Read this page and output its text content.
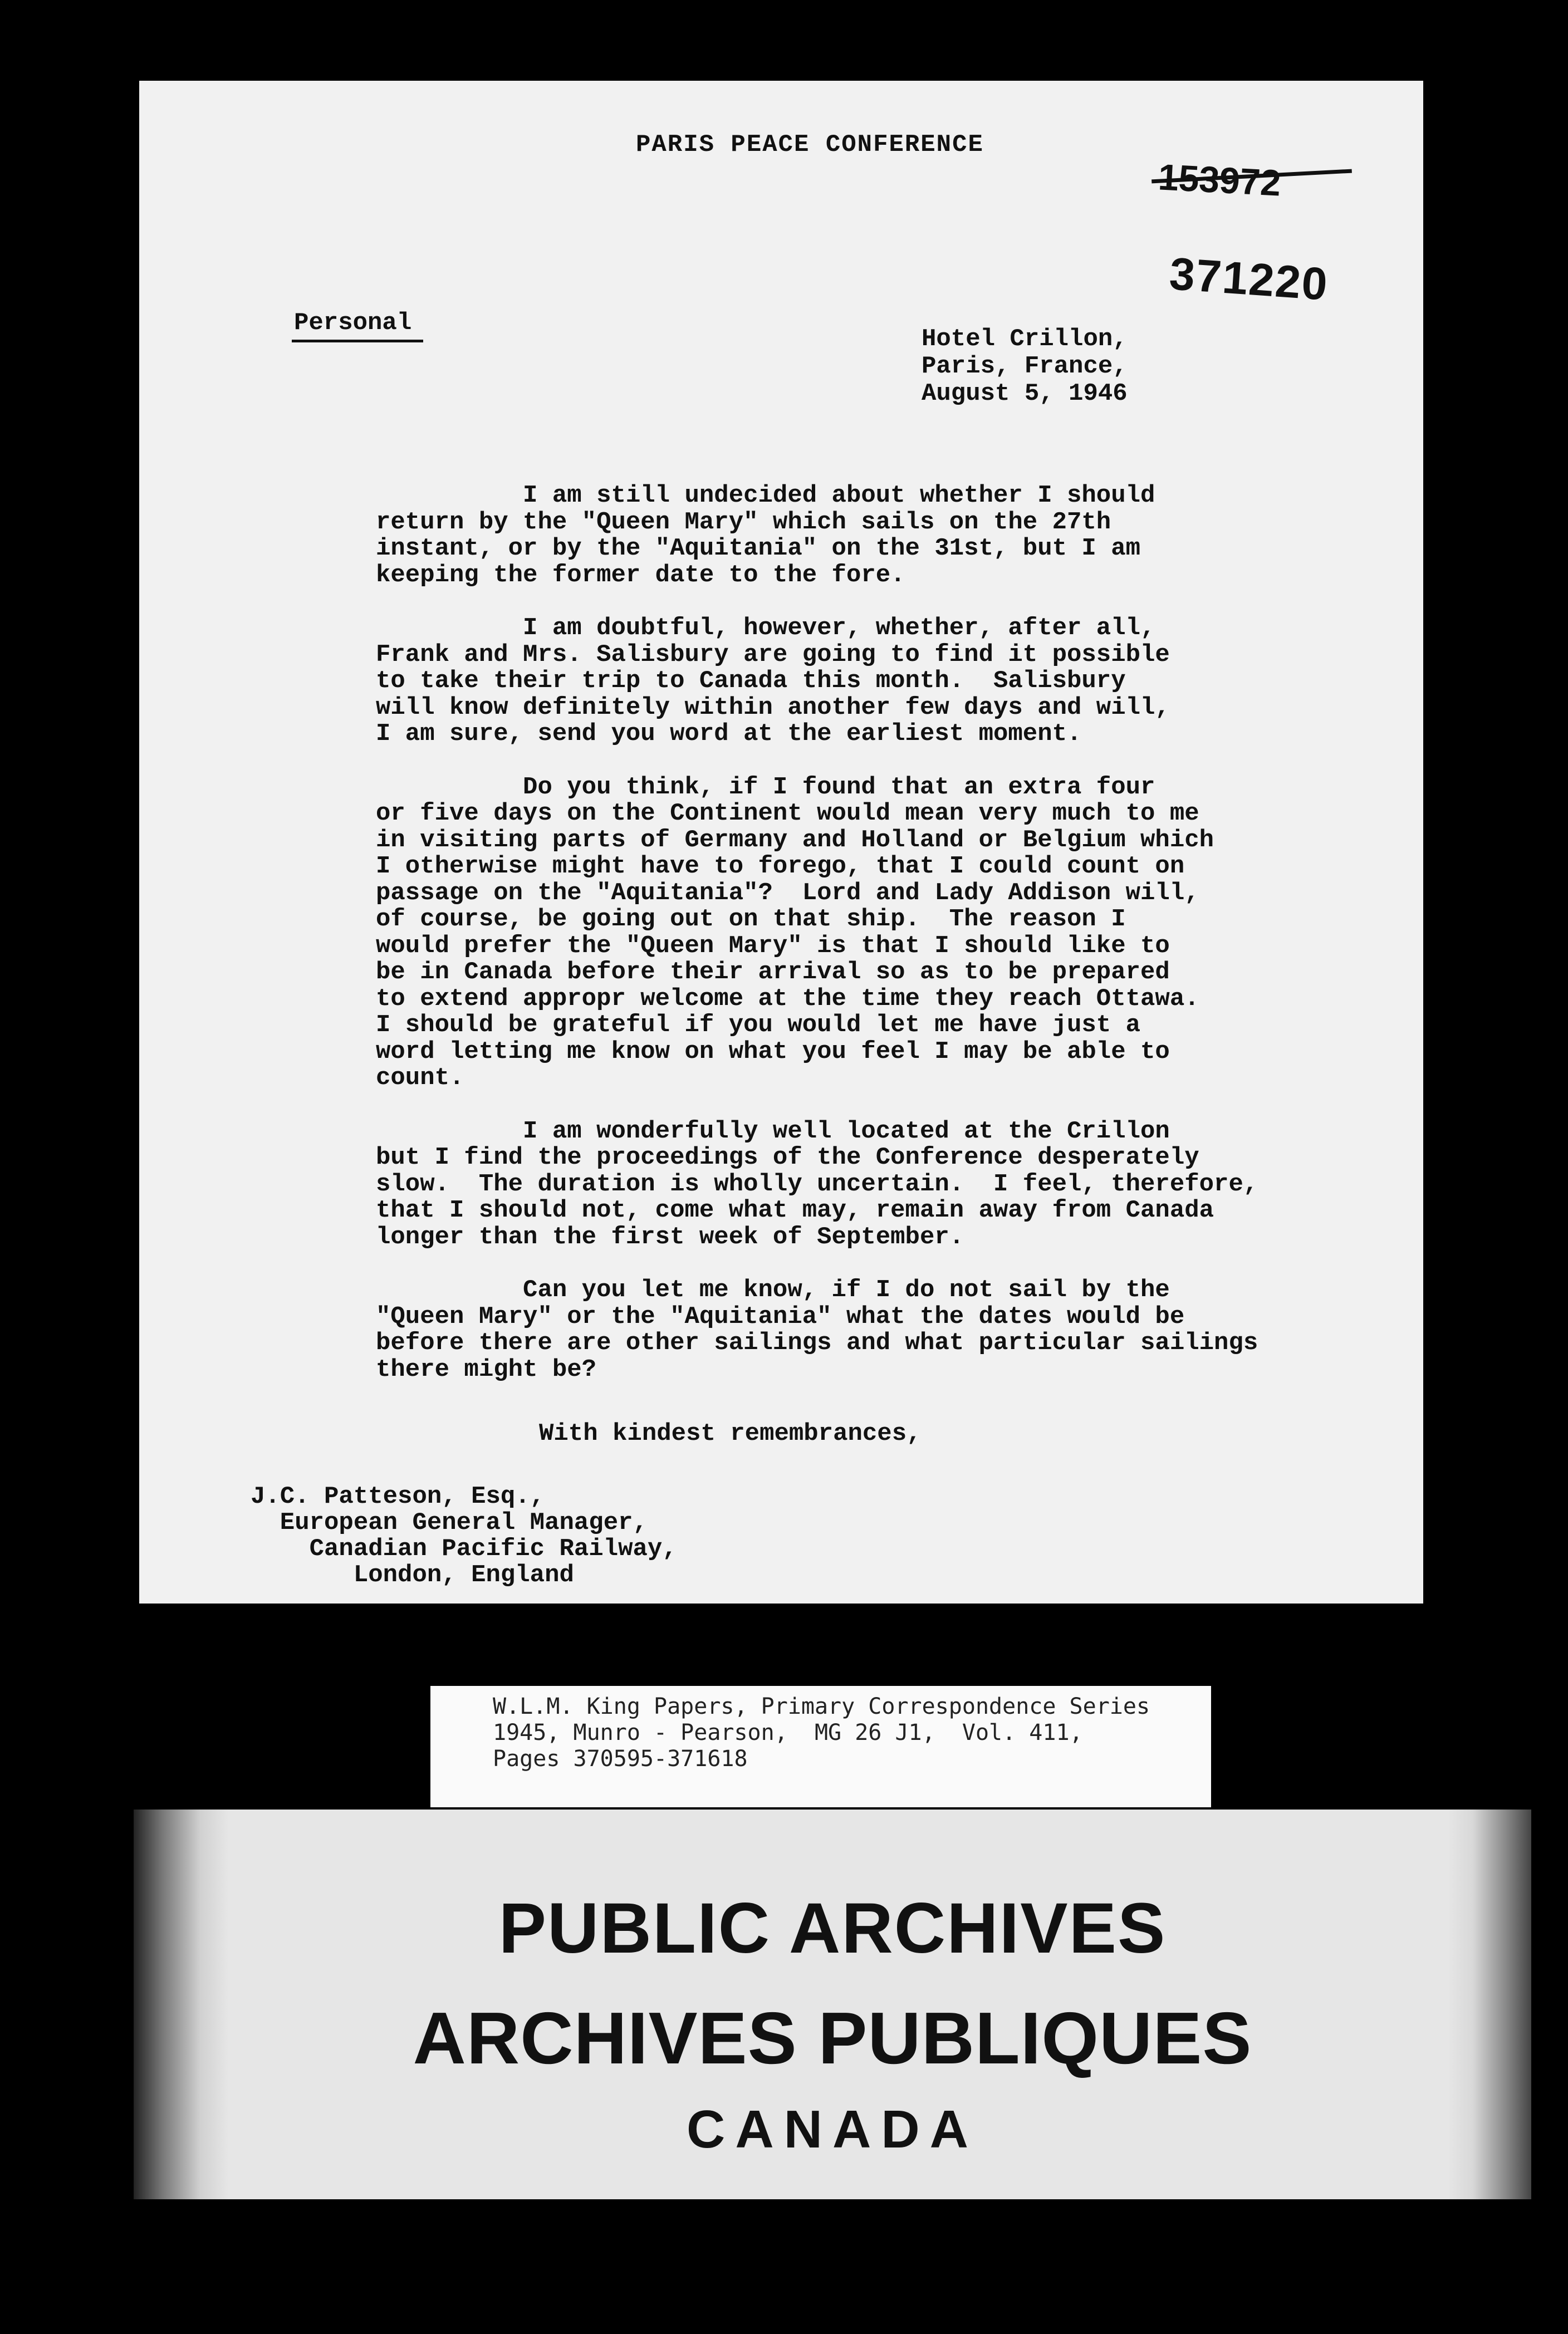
PARIS PEACE CONFERENCE
153972
371220
Personal
Hotel Crillon,
Paris, France,
August 5, 1946
I am still undecided about whether I should
return by the "Queen Mary" which sails on the 27th
instant, or by the "Aquitania" on the 31st, but I am
keeping the former date to the fore.
I am doubtful, however, whether, after all,
Frank and Mrs. Salisbury are going to find it possible
to take their trip to Canada this month.  Salisbury
will know definitely within another few days and will,
I am sure, send you word at the earliest moment.
Do you think, if I found that an extra four
or five days on the Continent would mean very much to me
in visiting parts of Germany and Holland or Belgium which
I otherwise might have to forego, that I could count on
passage on the "Aquitania"?  Lord and Lady Addison will,
of course, be going out on that ship.  The reason I
would prefer the "Queen Mary" is that I should like to
be in Canada before their arrival so as to be prepared
to extend appropr welcome at the time they reach Ottawa.
I should be grateful if you would let me have just a
word letting me know on what you feel I may be able to
count.
I am wonderfully well located at the Crillon
but I find the proceedings of the Conference desperately
slow.  The duration is wholly uncertain.  I feel, therefore,
that I should not, come what may, remain away from Canada
longer than the first week of September.
Can you let me know, if I do not sail by the
"Queen Mary" or the "Aquitania" what the dates would be
before there are other sailings and what particular sailings
there might be?
With kindest remembrances,
J.C. Patteson, Esq.,
European General Manager,
Canadian Pacific Railway,
London, England
W.L.M. King Papers, Primary Correspondence Series
1945, Munro - Pearson,  MG 26 J1,  Vol. 411,
Pages 370595-371618
PUBLIC ARCHIVES
ARCHIVES PUBLIQUES
CANADA
